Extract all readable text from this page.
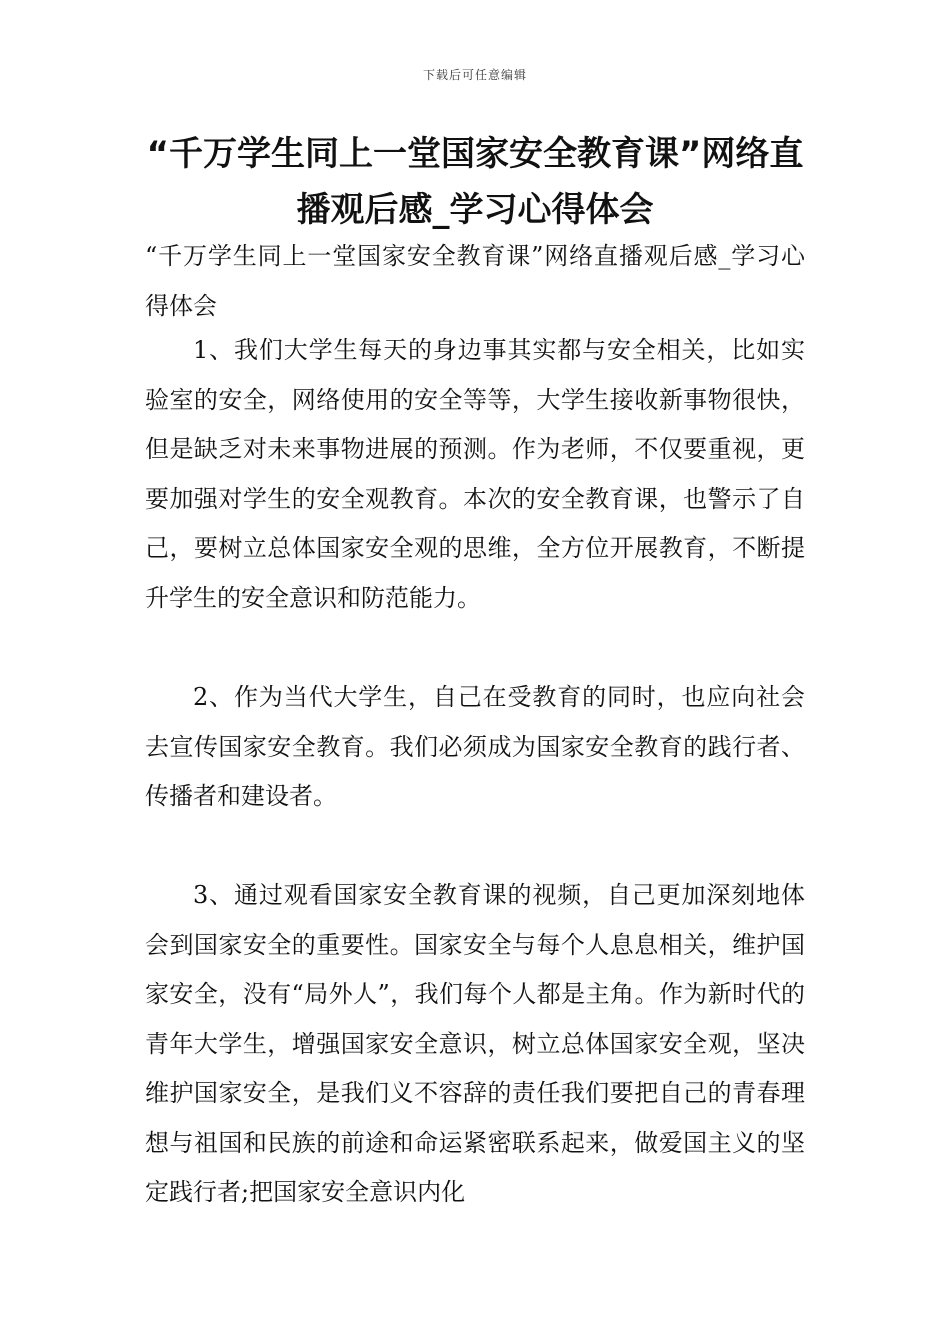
下载后可任意编辑
“千万学生同上一堂国家安全教育课”网络直播观后感_学习心得体会

“千万学生同上一堂国家安全教育课”网络直播观后感_学习心得体会

1、我们大学生每天的身边事其实都与安全相关，比如实验室的安全，网络使用的安全等等，大学生接收新事物很快，但是缺乏对未来事物进展的预测。作为老师，不仅要重视，更要加强对学生的安全观教育。本次的安全教育课，也警示了自己，要树立总体国家安全观的思维，全方位开展教育，不断提升学生的安全意识和防范能力。

2、作为当代大学生，自己在受教育的同时，也应向社会去宣传国家安全教育。我们必须成为国家安全教育的践行者、传播者和建设者。

3、通过观看国家安全教育课的视频，自己更加深刻地体会到国家安全的重要性。国家安全与每个人息息相关，维护国家安全，没有“局外人”，我们每个人都是主角。作为新时代的青年大学生，增强国家安全意识，树立总体国家安全观，坚决维护国家安全，是我们义不容辞的责任我们要把自己的青春理想与祖国和民族的前途和命运紧密联系起来，做爱国主义的坚定践行者;把国家安全意识内化
